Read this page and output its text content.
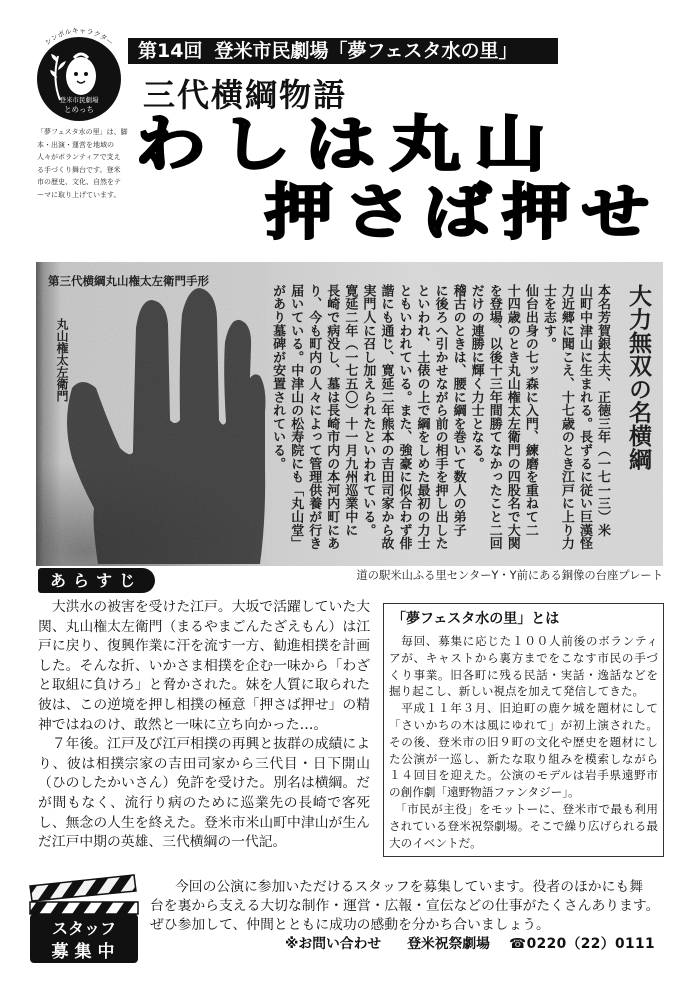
シンボルキャラクター
登米市民劇場
とめっち
第14回 登米市民劇場「夢フェスタ水の里」
三代横綱物語
わしは丸山
押さば押せ
「夢フェスタ水の里」は、脚
本・出演・運営を地域の
人々がボランティアで支え
る手づくり舞台です。登米
市の歴史、文化、自然をテ
ーマに取り上げています。
第三代横綱丸山権太左衛門手形
丸山権太左衛門	大力無双の名横綱
本名芳賀銀太夫、正徳三年（一七一三）米
山町中津山に生まれる。長ずるに従い巨漢怪
力近郷に聞こえ、十七歳のとき江戸に上り力
士を志す。
仙台出身の七ッ森に入門、練磨を重ねて二
十四歳のとき丸山権太左衛門の四股名で大関
を登場、以後十三年間勝てなかったこと二回
だけの連勝に輝く力士となる。
稽古のときは、腰に綱を巻いて数人の弟子
に後ろへ引かせながら前の相手を押し出した
といわれ、土俵の上で綱をしめた最初の力士
ともいわれている。また、強豪に似合わず俳
諧にも通じ、寛延二年熊本の吉田司家から故
実門人に召し加えられたといわれている。
寛延二年（一七五〇）十一月九州巡業中に
長崎で病没し、墓は長崎市内の本河内町にあ
り、今も町内の人々によって管理供養が行き
届いている。中津山の松寿院にも「丸山堂」
があり墓碑が安置されている。
道の駅米山ふる里センターY・Y前にある銅像の台座プレート
あらすじ
　大洪水の被害を受けた江戸。大坂で活躍していた大
関、丸山権太左衛門（まるやまごんたざえもん）は江
戸に戻り、復興作業に汗を流す一方、勧進相撲を計画
した。そんな折、いかさま相撲を企む一味から「わざ
と取組に負けろ」と脅かされた。妹を人質に取られた
彼は、この逆境を押し相撲の極意「押さば押せ」の精
神ではねのけ、敢然と一味に立ち向かった…。
　７年後。江戸及び江戸相撲の再興と抜群の成績によ
り、彼は相撲宗家の吉田司家から三代目・日下開山
（ひのしたかいさん）免許を受けた。別名は横綱。だ
が間もなく、流行り病のために巡業先の長崎で客死
し、無念の人生を終えた。登米市米山町中津山が生ん
だ江戸中期の英雄、三代横綱の一代記。
「夢フェスタ水の里」とは
　毎回、募集に応じた１００人前後のボランティ
アが、キャストから裏方までをこなす市民の手づ
くり事業。旧各町に残る民話・実話・逸話などを
掘り起こし、新しい視点を加えて発信してきた。
　平成１１年３月、旧迫町の鹿ケ城を題材にして
「さいかちの木は風にゆれて」が初上演された。
その後、登米市の旧９町の文化や歴史を題材にし
た公演が一巡し、新たな取り組みを模索しながら
１４回目を迎えた。公演のモデルは岩手県遠野市
の創作劇「遠野物語ファンタジー」。
　「市民が主役」をモットーに、登米市で最も利用
されている登米祝祭劇場。そこで繰り広げられる最
大のイベントだ。
スタッフ
募集中
今回の公演に参加いただけるスタッフを募集しています。役者のほかにも舞
台を裏から支える大切な制作・運営・広報・宣伝などの仕事がたくさんあります。
ぜひ参加して、仲間とともに成功の感動を分かち合いましょう。
※お問い合わせ 登米祝祭劇場 ☎0220（22）0111
